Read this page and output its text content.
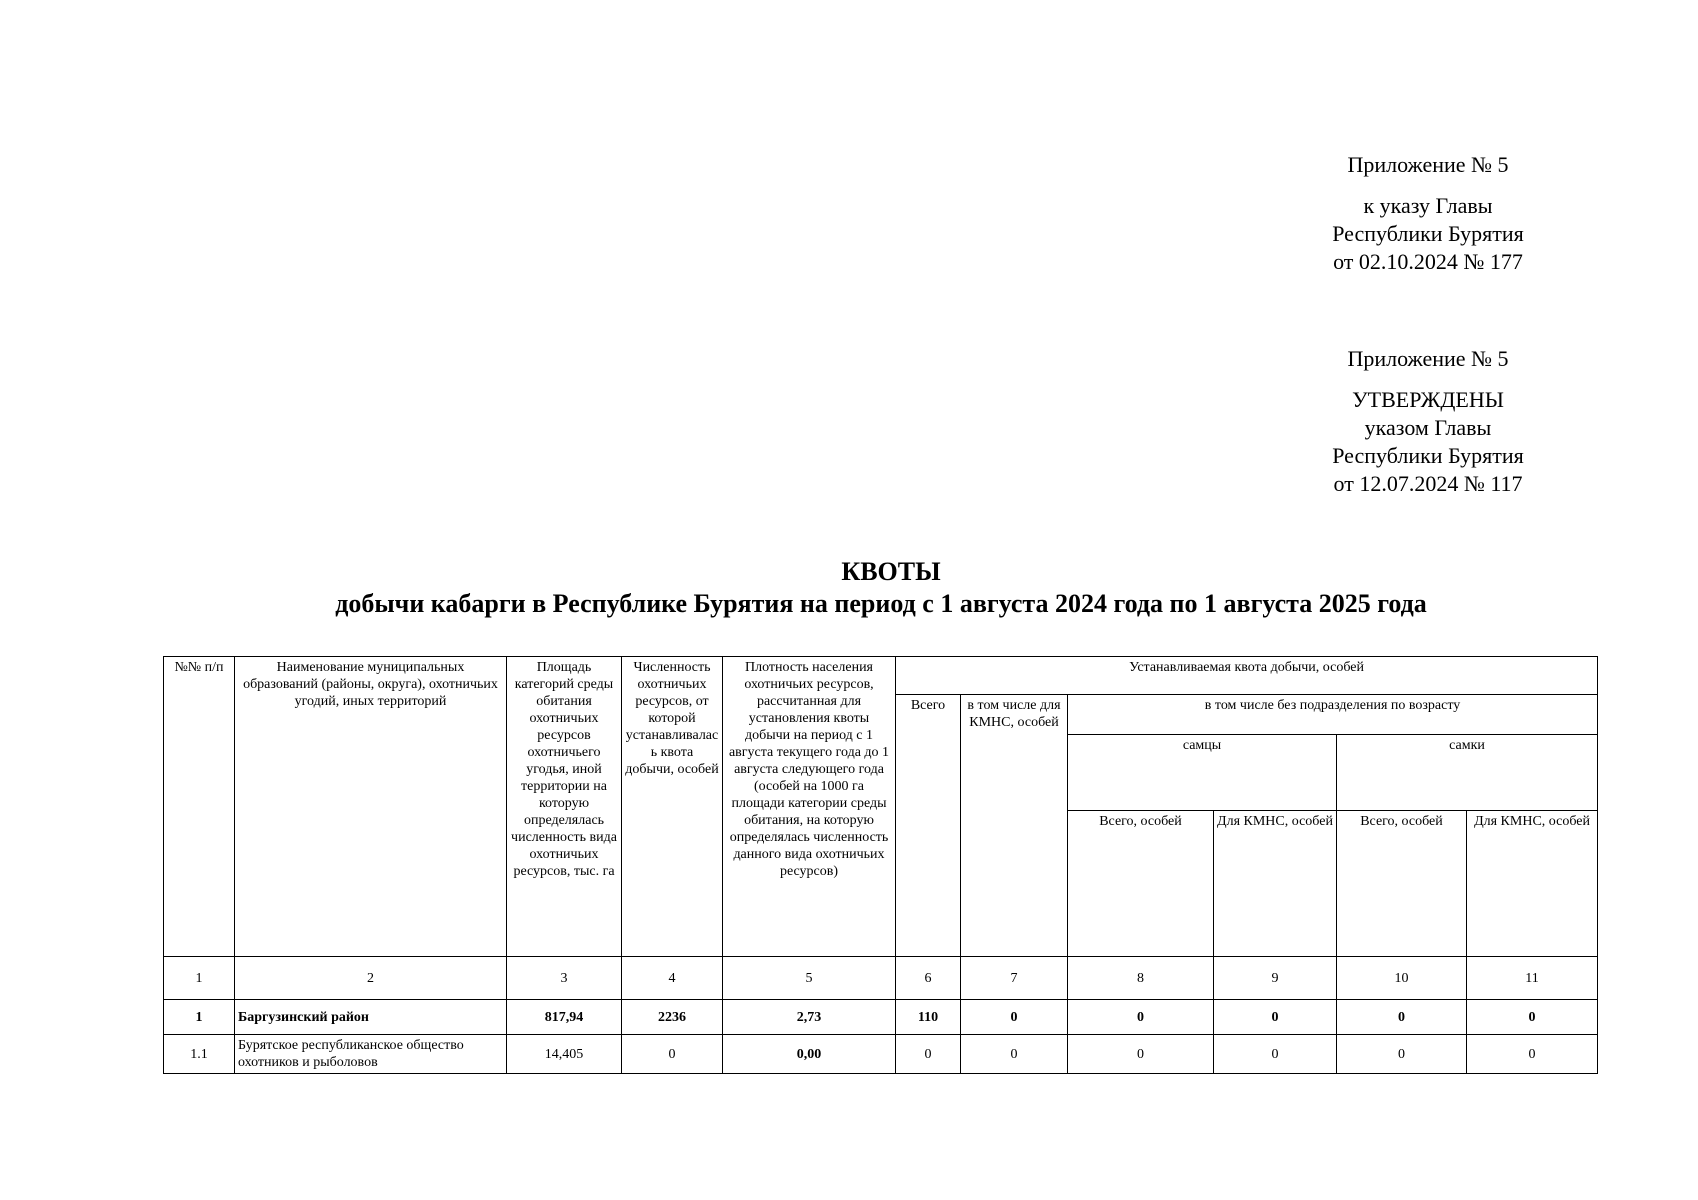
Приложение № 5
к указу Главы
Республики Бурятия
от 02.10.2024 № 177
Приложение № 5
УТВЕРЖДЕНЫ
указом Главы
Республики Бурятия
от 12.07.2024 № 117
КВОТЫ
добычи кабарги в Республике Бурятия на период с 1 августа 2024 года по 1 августа 2025 года
№№ п/п	Наименование муниципальных образований (районы, округа), охотничьих угодий, иных территорий	Площадь категорий среды обитания охотничьих ресурсов охотничьего угодья, иной территории на которую определялась численность вида охотничьих ресурсов, тыс. га	Численность охотничьих ресурсов, от которой устанавливалась квота добычи, особей	Плотность населения охотничьих ресурсов, рассчитанная для установления квоты добычи на период с 1 августа текущего года до 1 августа следующего года (особей на 1000 га площади категории среды обитания, на которую определялась численность данного вида охотничьих ресурсов)	Устанавливаемая квота добычи, особей					
					Всего	в том числе для КМНС, особей	в том числе без подразделения по возрасту			
							самцы		самки	
							Всего, особей	Для КМНС, особей	Всего, особей	Для КМНС, особей
1	2	3	4	5	6	7	8	9	10	11
1	Баргузинский район	817,94	2236	2,73	110	0	0	0	0	0
1.1	Бурятское республиканское общество охотников и рыболовов	14,405	0	0,00	0	0	0	0	0	0
